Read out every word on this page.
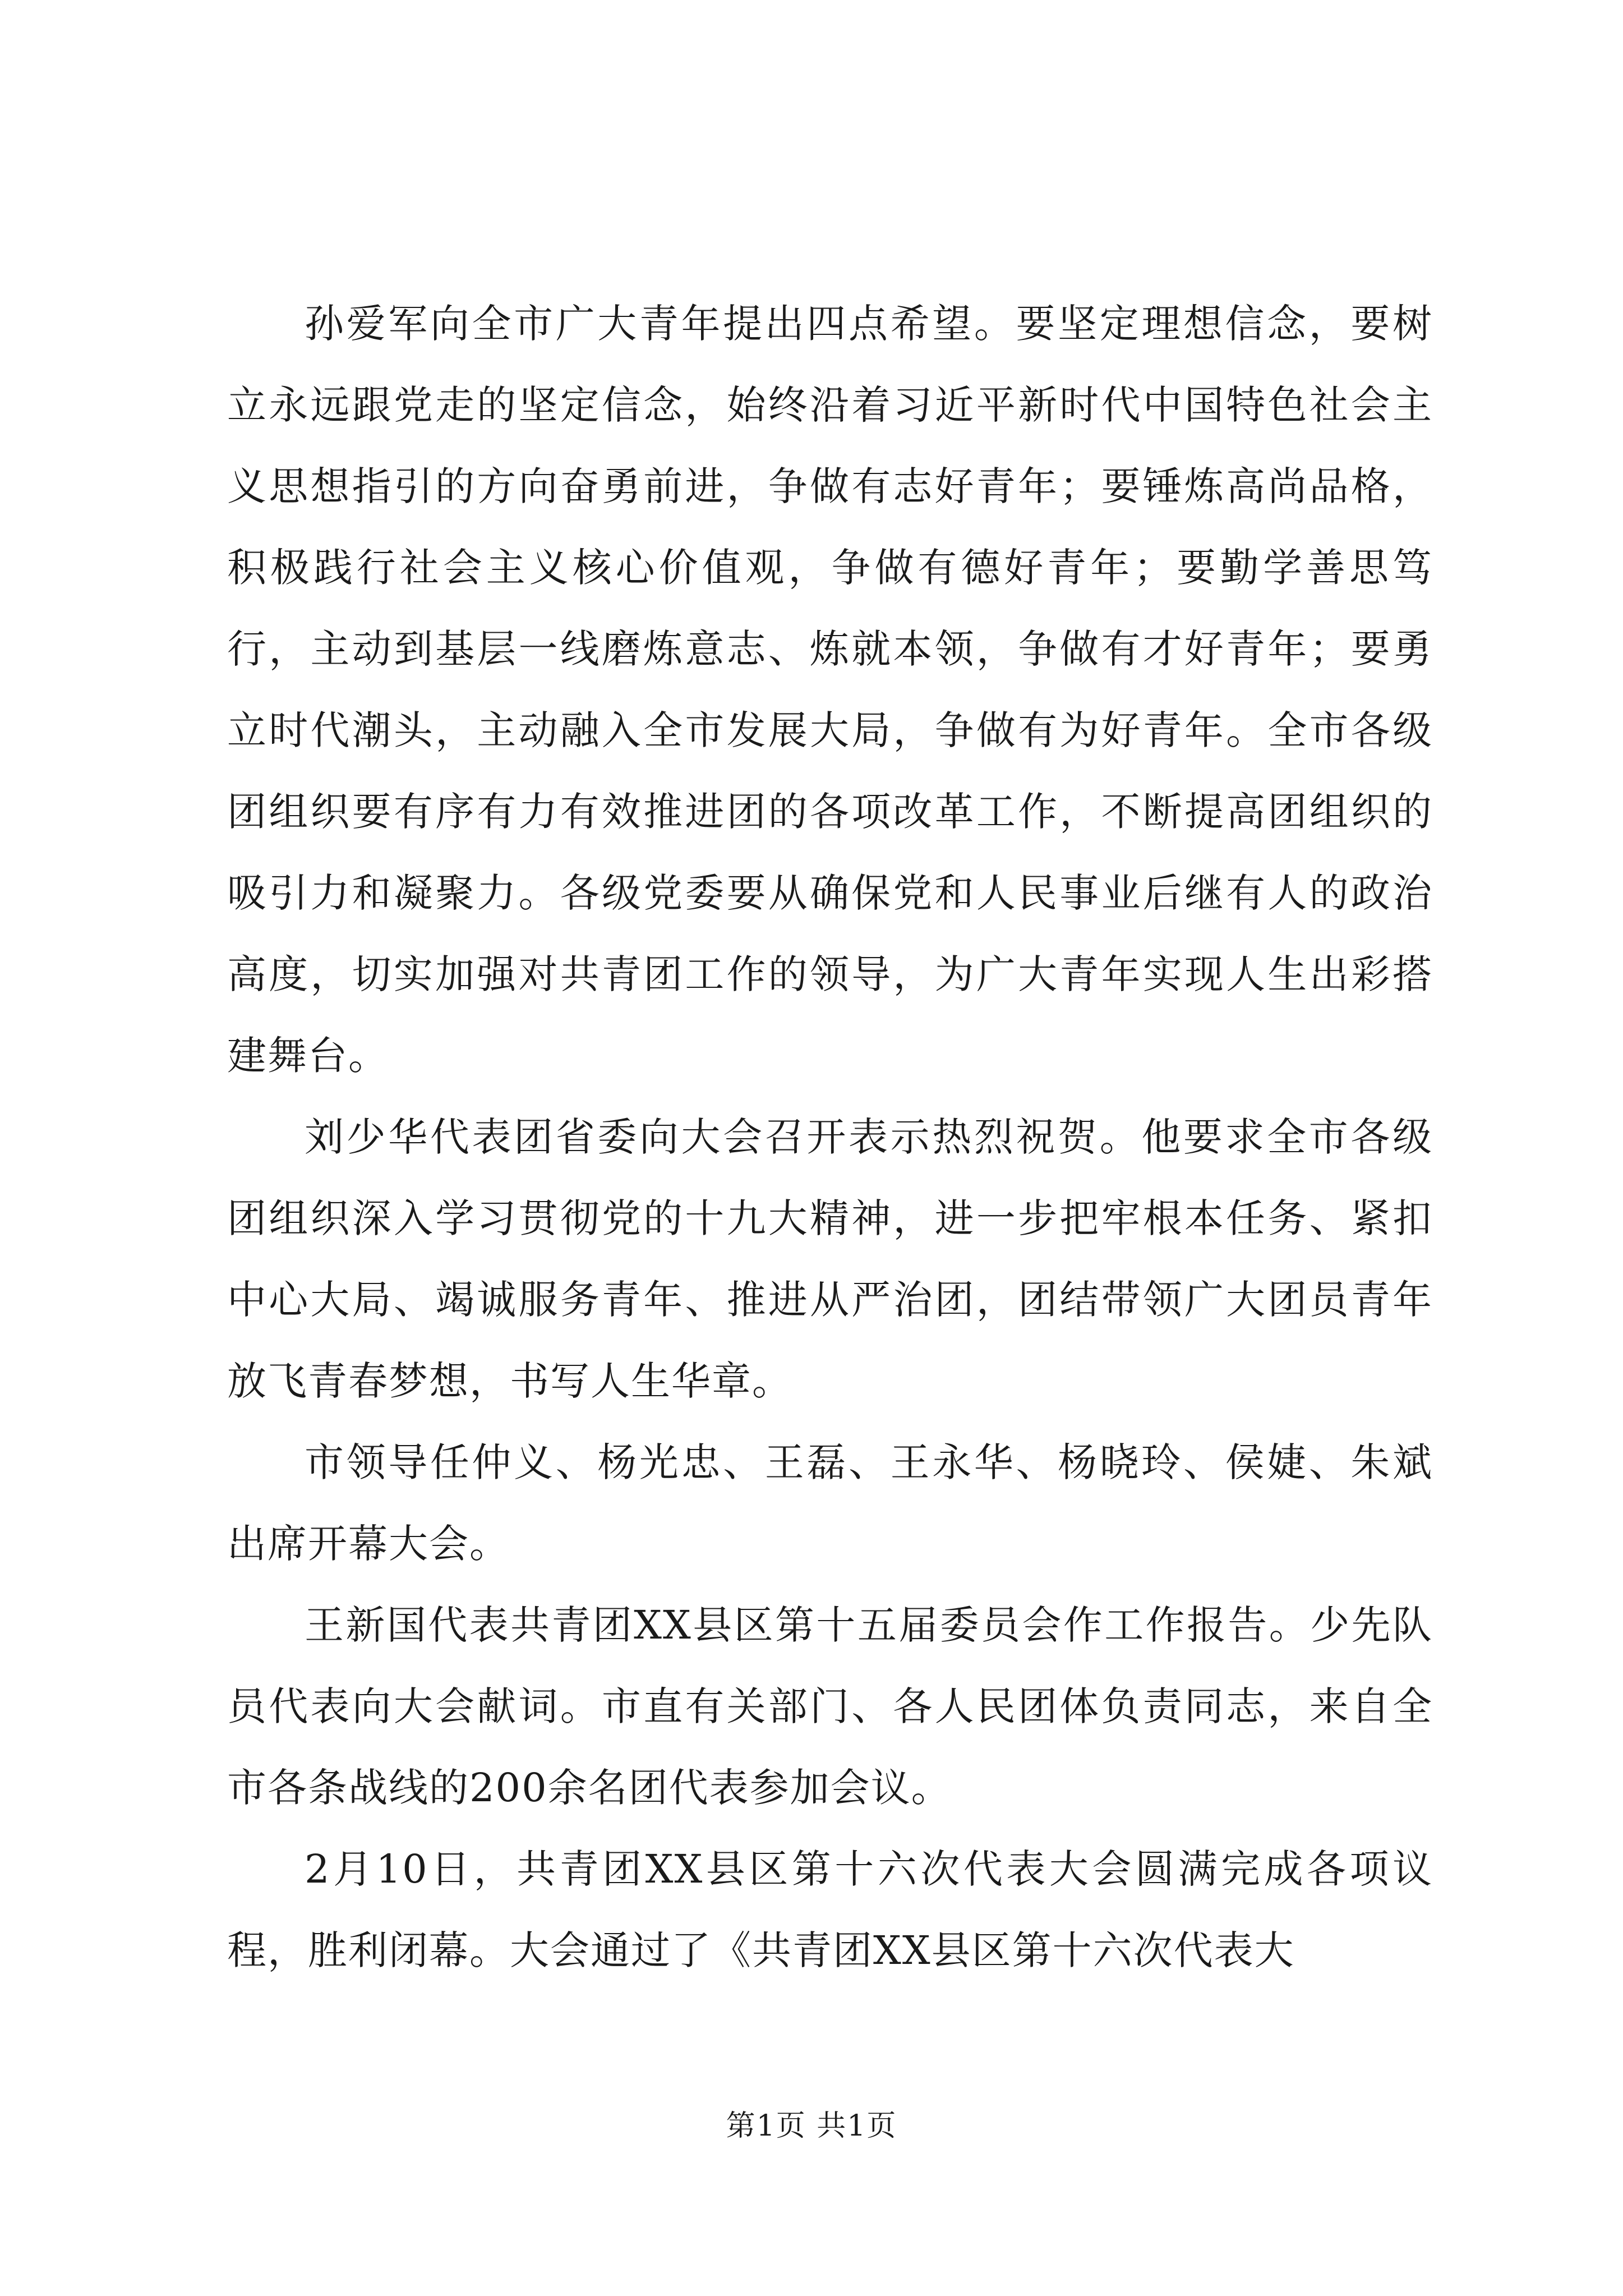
孙爱军向全市广大青年提出四点希望。要坚定理想信念，要树立永远跟党走的坚定信念，始终沿着习近平新时代中国特色社会主义思想指引的方向奋勇前进，争做有志好青年；要锤炼高尚品格，积极践行社会主义核心价值观，争做有德好青年；要勤学善思笃行，主动到基层一线磨炼意志、炼就本领，争做有才好青年；要勇立时代潮头，主动融入全市发展大局，争做有为好青年。全市各级团组织要有序有力有效推进团的各项改革工作，不断提高团组织的吸引力和凝聚力。各级党委要从确保党和人民事业后继有人的政治高度，切实加强对共青团工作的领导，为广大青年实现人生出彩搭建舞台。

刘少华代表团省委向大会召开表示热烈祝贺。他要求全市各级团组织深入学习贯彻党的十九大精神，进一步把牢根本任务、紧扣中心大局、竭诚服务青年、推进从严治团，团结带领广大团员青年放飞青春梦想，书写人生华章。

市领导任仲义、杨光忠、王磊、王永华、杨晓玲、侯婕、朱斌出席开幕大会。

王新国代表共青团XX县区第十五届委员会作工作报告。少先队员代表向大会献词。市直有关部门、各人民团体负责同志，来自全市各条战线的200余名团代表参加会议。

2月10日，共青团XX县区第十六次代表大会圆满完成各项议程，胜利闭幕。大会通过了《共青团XX县区第十六次代表大

第1页 共1页
